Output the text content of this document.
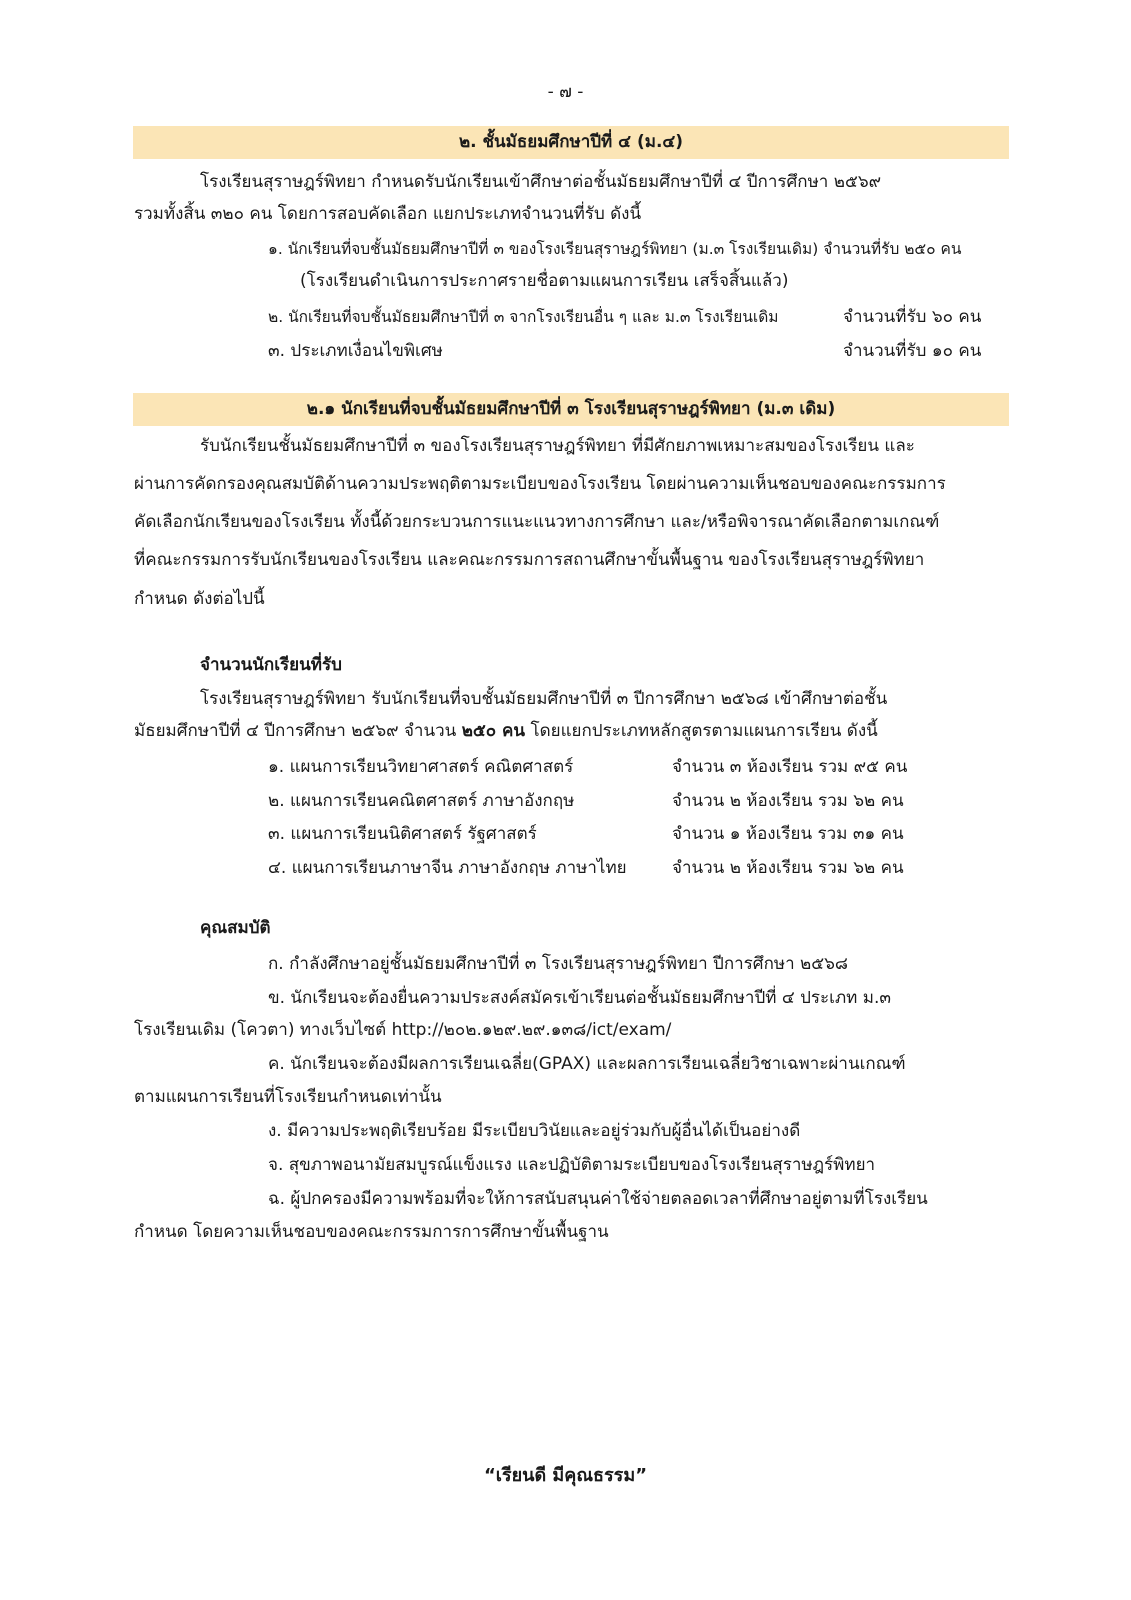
- ๗ -
๒. ชั้นมัธยมศึกษาปีที่ ๔ (ม.๔)
โรงเรียนสุราษฎร์พิทยา กำหนดรับนักเรียนเข้าศึกษาต่อชั้นมัธยมศึกษาปีที่ ๔ ปีการศึกษา ๒๕๖๙
รวมทั้งสิ้น ๓๒๐ คน โดยการสอบคัดเลือก แยกประเภทจำนวนที่รับ ดังนี้
๑. นักเรียนที่จบชั้นมัธยมศึกษาปีที่ ๓ ของโรงเรียนสุราษฎร์พิทยา (ม.๓ โรงเรียนเดิม) จำนวนที่รับ ๒๕๐ คน
(โรงเรียนดำเนินการประกาศรายชื่อตามแผนการเรียน เสร็จสิ้นแล้ว)
๒. นักเรียนที่จบชั้นมัธยมศึกษาปีที่ ๓ จากโรงเรียนอื่น ๆ และ ม.๓ โรงเรียนเดิม	จำนวนที่รับ ๖๐ คน
๓. ประเภทเงื่อนไขพิเศษ	จำนวนที่รับ ๑๐ คน
๒.๑ นักเรียนที่จบชั้นมัธยมศึกษาปีที่ ๓ โรงเรียนสุราษฎร์พิทยา (ม.๓ เดิม)
รับนักเรียนชั้นมัธยมศึกษาปีที่ ๓ ของโรงเรียนสุราษฎร์พิทยา ที่มีศักยภาพเหมาะสมของโรงเรียน และ
ผ่านการคัดกรองคุณสมบัติด้านความประพฤติตามระเบียบของโรงเรียน โดยผ่านความเห็นชอบของคณะกรรมการ
คัดเลือกนักเรียนของโรงเรียน ทั้งนี้ด้วยกระบวนการแนะแนวทางการศึกษา และ/หรือพิจารณาคัดเลือกตามเกณฑ์
ที่คณะกรรมการรับนักเรียนของโรงเรียน และคณะกรรมการสถานศึกษาขั้นพื้นฐาน ของโรงเรียนสุราษฎร์พิทยา
กำหนด ดังต่อไปนี้
จำนวนนักเรียนที่รับ
โรงเรียนสุราษฎร์พิทยา รับนักเรียนที่จบชั้นมัธยมศึกษาปีที่ ๓ ปีการศึกษา ๒๕๖๘ เข้าศึกษาต่อชั้น
มัธยมศึกษาปีที่ ๔ ปีการศึกษา ๒๕๖๙ จำนวน ๒๕๐ คน โดยแยกประเภทหลักสูตรตามแผนการเรียน ดังนี้
๑. แผนการเรียนวิทยาศาสตร์ คณิตศาสตร์	จำนวน ๓ ห้องเรียน รวม ๙๕ คน
๒. แผนการเรียนคณิตศาสตร์ ภาษาอังกฤษ	จำนวน ๒ ห้องเรียน รวม ๖๒ คน
๓. แผนการเรียนนิติศาสตร์ รัฐศาสตร์	จำนวน ๑ ห้องเรียน รวม ๓๑ คน
๔. แผนการเรียนภาษาจีน ภาษาอังกฤษ ภาษาไทย	จำนวน ๒ ห้องเรียน รวม ๖๒ คน
คุณสมบัติ
ก. กำลังศึกษาอยู่ชั้นมัธยมศึกษาปีที่ ๓ โรงเรียนสุราษฎร์พิทยา ปีการศึกษา ๒๕๖๘
ข. นักเรียนจะต้องยื่นความประสงค์สมัครเข้าเรียนต่อชั้นมัธยมศึกษาปีที่ ๔ ประเภท ม.๓
โรงเรียนเดิม (โควตา) ทางเว็บไซต์ http://๒๐๒.๑๒๙.๒๙.๑๓๘/ict/exam/
ค. นักเรียนจะต้องมีผลการเรียนเฉลี่ย(GPAX) และผลการเรียนเฉลี่ยวิชาเฉพาะผ่านเกณฑ์
ตามแผนการเรียนที่โรงเรียนกำหนดเท่านั้น
ง. มีความประพฤติเรียบร้อย มีระเบียบวินัยและอยู่ร่วมกับผู้อื่นได้เป็นอย่างดี
จ. สุขภาพอนามัยสมบูรณ์แข็งแรง และปฏิบัติตามระเบียบของโรงเรียนสุราษฎร์พิทยา
ฉ. ผู้ปกครองมีความพร้อมที่จะให้การสนับสนุนค่าใช้จ่ายตลอดเวลาที่ศึกษาอยู่ตามที่โรงเรียน
กำหนด โดยความเห็นชอบของคณะกรรมการการศึกษาขั้นพื้นฐาน
“เรียนดี มีคุณธรรม”
